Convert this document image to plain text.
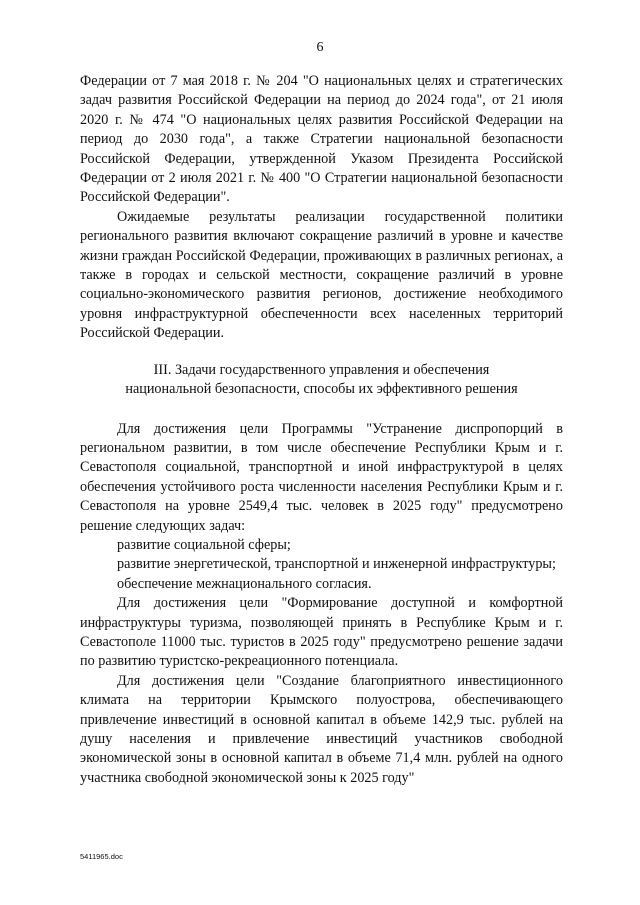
6

Федерации от 7 мая 2018 г. № 204 "О национальных целях и стратегических задач развития Российской Федерации на период до 2024 года", от 21 июля 2020 г. № 474 "О национальных целях развития Российской Федерации на период до 2030 года", а также Стратегии национальной безопасности Российской Федерации, утвержденной Указом Президента Российской Федерации от 2 июля 2021 г. № 400 "О Стратегии национальной безопасности Российской Федерации".

Ожидаемые результаты реализации государственной политики регионального развития включают сокращение различий в уровне и качестве жизни граждан Российской Федерации, проживающих в различных регионах, а также в городах и сельской местности, сокращение различий в уровне социально-экономического развития регионов, достижение необходимого уровня инфраструктурной обеспеченности всех населенных территорий Российской Федерации.

III. Задачи государственного управления и обеспечения
национальной безопасности, способы их эффективного решения

Для достижения цели Программы "Устранение диспропорций в региональном развитии, в том числе обеспечение Республики Крым и г. Севастополя социальной, транспортной и иной инфраструктурой в целях обеспечения устойчивого роста численности населения Республики Крым и г. Севастополя на уровне 2549,4 тыс. человек в 2025 году" предусмотрено решение следующих задач:

развитие социальной сферы;

развитие энергетической, транспортной и инженерной инфраструктуры;

обеспечение межнационального согласия.

Для достижения цели "Формирование доступной и комфортной инфраструктуры туризма, позволяющей принять в Республике Крым и г. Севастополе 11000 тыс. туристов в 2025 году" предусмотрено решение задачи по развитию туристско-рекреационного потенциала.

Для достижения цели "Создание благоприятного инвестиционного климата на территории Крымского полуострова, обеспечивающего привлечение инвестиций в основной капитал в объеме 142,9 тыс. рублей на душу населения и привлечение инвестиций участников свободной экономической зоны в основной капитал в объеме 71,4 млн. рублей на одного участника свободной экономической зоны к 2025 году"

5411965.doc
